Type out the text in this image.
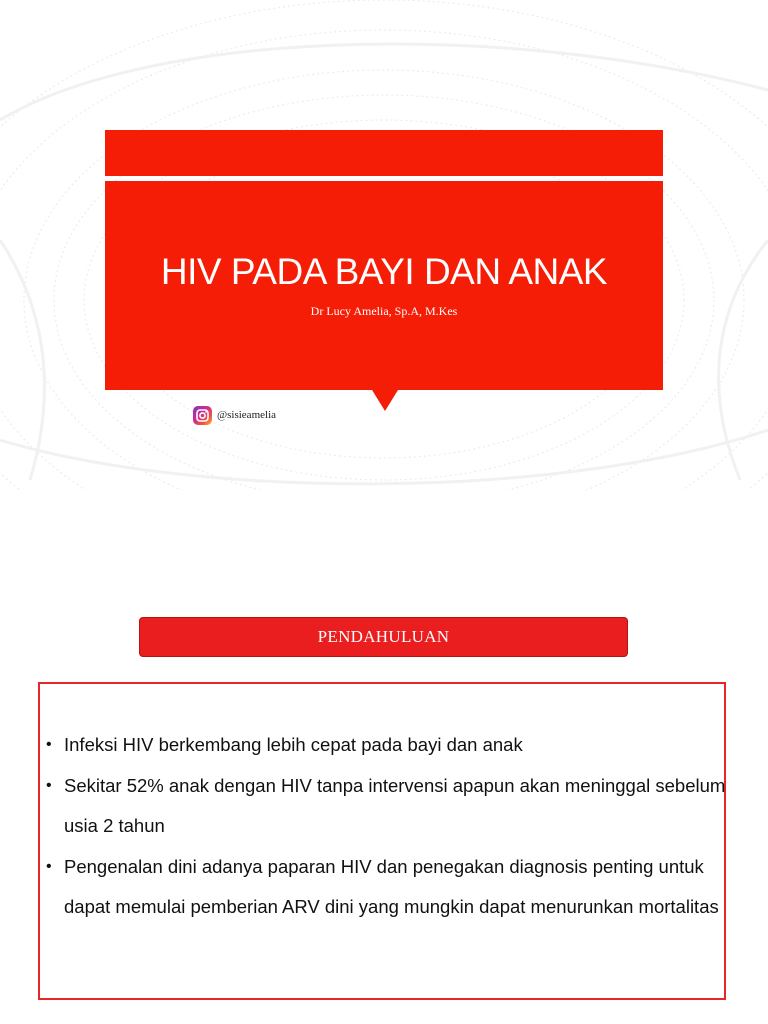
HIV PADA BAYI DAN ANAK
Dr Lucy Amelia, Sp.A, M.Kes
@sisieamelia
PENDAHULUAN
• Infeksi HIV berkembang lebih cepat pada bayi dan anak
• Sekitar 52% anak dengan HIV tanpa intervensi apapun akan meninggal sebelum usia 2 tahun
• Pengenalan dini adanya paparan HIV dan penegakan diagnosis penting untuk dapat memulai pemberian ARV dini yang mungkin dapat menurunkan mortalitas
